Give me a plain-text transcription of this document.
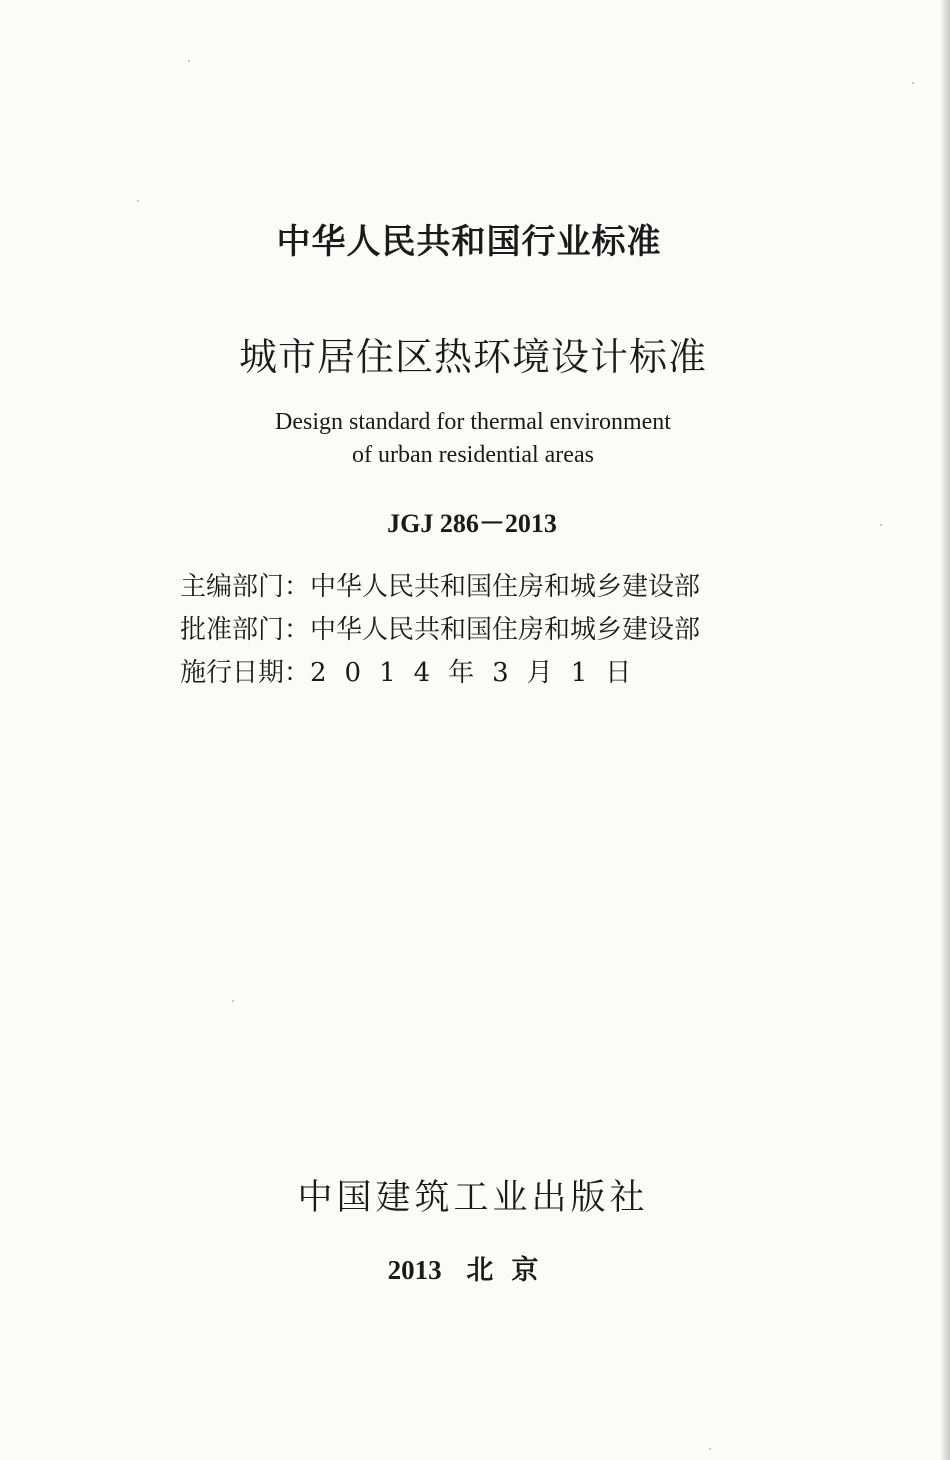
中华人民共和国行业标准
城市居住区热环境设计标准
Design standard for thermal environment
of urban residential areas
JGJ 286－2013
主编部门：中华人民共和国住房和城乡建设部
批准部门：中华人民共和国住房和城乡建设部
施行日期：2014年3月1日
中国建筑工业出版社
2013 北京
